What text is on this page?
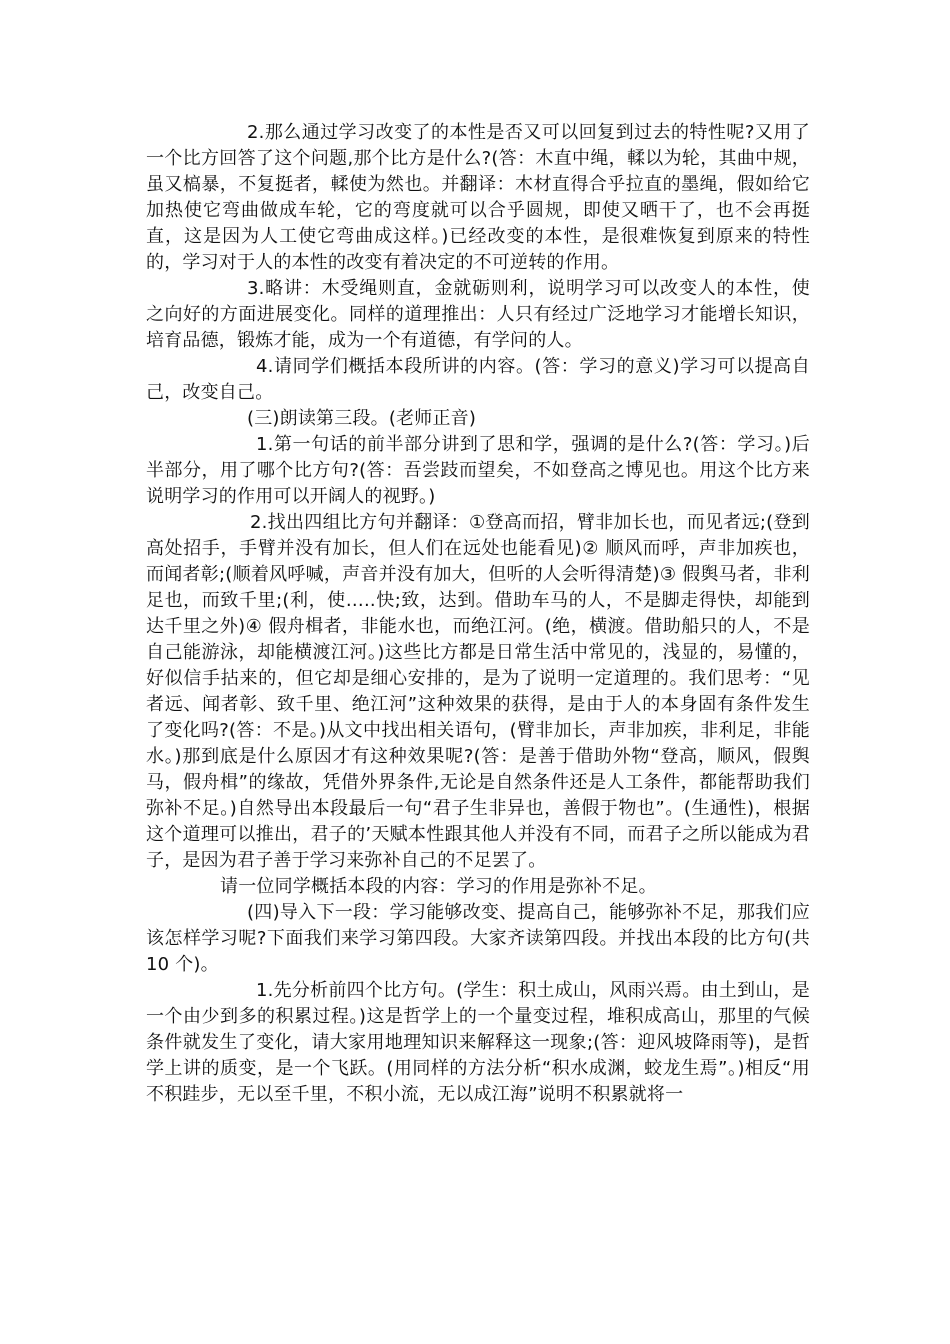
2.那么通过学习改变了的本性是否又可以回复到过去的特性呢?又用了一个比方回答了这个问题,那个比方是什么?(答：木直中绳，輮以为轮，其曲中规，虽又槁暴，不复挺者，輮使为然也。并翻译：木材直得合乎拉直的墨绳，假如给它加热使它弯曲做成车轮，它的弯度就可以合乎圆规，即使又晒干了，也不会再挺直，这是因为人工使它弯曲成这样。)已经改变的本性，是很难恢复到原来的特性的，学习对于人的本性的改变有着决定的不可逆转的作用。

3.略讲：木受绳则直，金就砺则利，说明学习可以改变人的本性，使之向好的方面进展变化。同样的道理推出：人只有经过广泛地学习才能增长知识，培育品德，锻炼才能，成为一个有道德，有学问的人。

4.请同学们概括本段所讲的内容。(答：学习的意义)学习可以提高自己，改变自己。

(三)朗读第三段。(老师正音)

1.第一句话的前半部分讲到了思和学，强调的是什么?(答：学习。)后半部分，用了哪个比方句?(答：吾尝跂而望矣，不如登高之博见也。用这个比方来说明学习的作用可以开阔人的视野。)

2.找出四组比方句并翻译：①登高而招，臂非加长也，而见者远;(登到高处招手，手臂并没有加长，但人们在远处也能看见)② 顺风而呼，声非加疾也，而闻者彰;(顺着风呼喊，声音并没有加大，但听的人会听得清楚)③ 假舆马者，非利足也，而致千里;(利，使…..快;致，达到。借助车马的人，不是脚走得快，却能到达千里之外)④ 假舟楫者，非能水也，而绝江河。(绝，横渡。借助船只的人，不是自己能游泳，却能横渡江河。)这些比方都是日常生活中常见的，浅显的，易懂的，好似信手拈来的，但它却是细心安排的，是为了说明一定道理的。我们思考：“见者远、闻者彰、致千里、绝江河”这种效果的获得，是由于人的本身固有条件发生了变化吗?(答：不是。)从文中找出相关语句，(臂非加长，声非加疾，非利足，非能水。)那到底是什么原因才有这种效果呢?(答：是善于借助外物“登高，顺风，假舆马，假舟楫”的缘故，凭借外界条件,无论是自然条件还是人工条件，都能帮助我们弥补不足。)自然导出本段最后一句“君子生非异也，善假于物也”。(生通性)，根据这个道理可以推出，君子的’天赋本性跟其他人并没有不同，而君子之所以能成为君子，是因为君子善于学习来弥补自己的不足罢了。

请一位同学概括本段的内容：学习的作用是弥补不足。

(四)导入下一段：学习能够改变、提高自己，能够弥补不足，那我们应该怎样学习呢?下面我们来学习第四段。大家齐读第四段。并找出本段的比方句(共 10 个)。

1.先分析前四个比方句。(学生：积土成山，风雨兴焉。由土到山，是一个由少到多的积累过程。)这是哲学上的一个量变过程，堆积成高山，那里的气候条件就发生了变化，请大家用地理知识来解释这一现象;(答：迎风坡降雨等)，是哲学上讲的质变，是一个飞跃。(用同样的方法分析“积水成渊，蛟龙生焉”。)相反“用不积跬步，无以至千里，不积小流，无以成江海”说明不积累就将一
